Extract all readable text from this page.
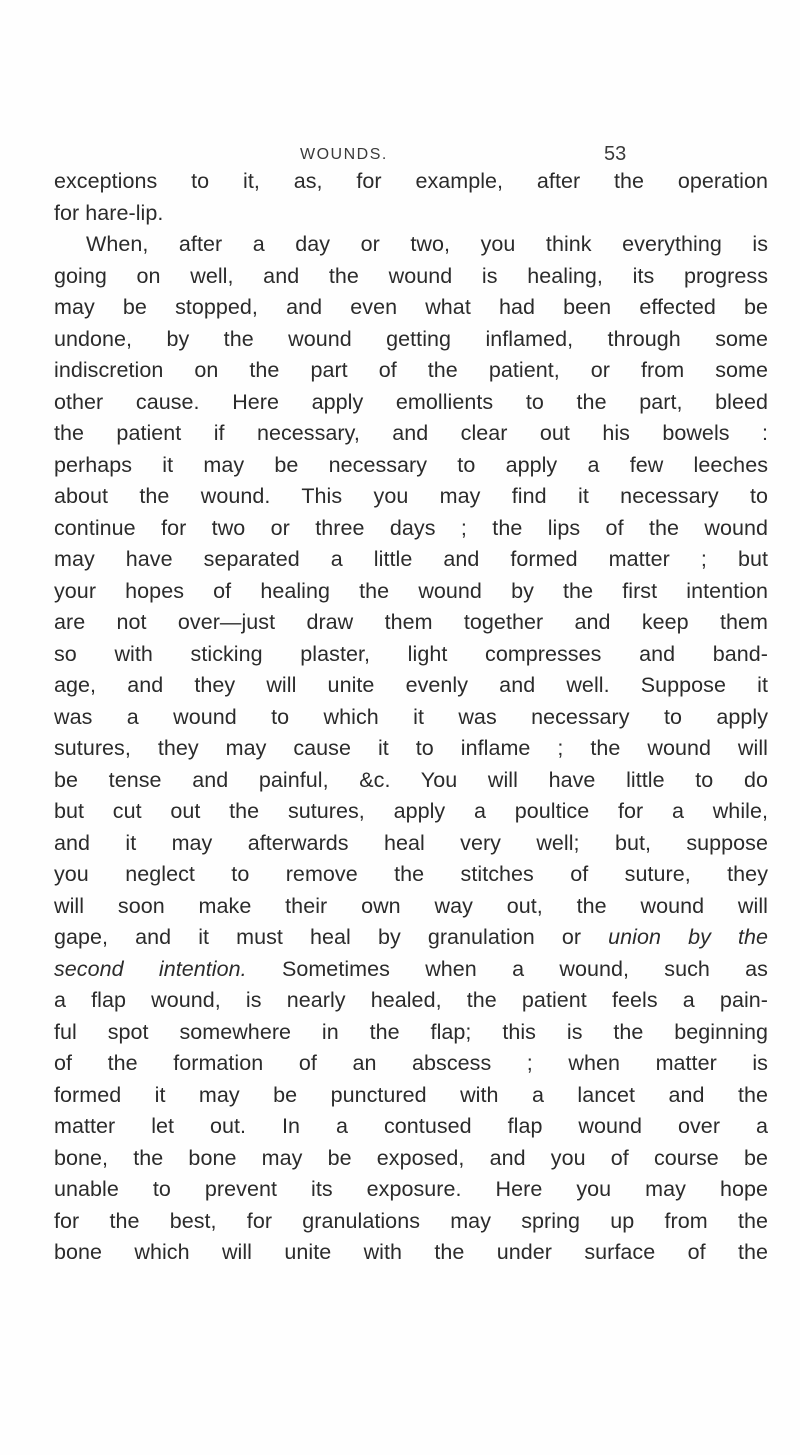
WOUNDS.	53
exceptions to it, as, for example, after the operation
for hare-lip.
When, after a day or two, you think everything is
going on well, and the wound is healing, its progress
may be stopped, and even what had been effected be
undone, by the wound getting inflamed, through some
indiscretion on the part of the patient, or from some
other cause. Here apply emollients to the part, bleed
the patient if necessary, and clear out his bowels :
perhaps it may be necessary to apply a few leeches
about the wound. This you may find it necessary to
continue for two or three days ; the lips of the wound
may have separated a little and formed matter ; but
your hopes of healing the wound by the first intention
are not over—just draw them together and keep them
so with sticking plaster, light compresses and band-
age, and they will unite evenly and well. Suppose it
was a wound to which it was necessary to apply
sutures, they may cause it to inflame ; the wound will
be tense and painful, &c. You will have little to do
but cut out the sutures, apply a poultice for a while,
and it may afterwards heal very well; but, suppose
you neglect to remove the stitches of suture, they
will soon make their own way out, the wound will
gape, and it must heal by granulation or union by the
second intention. Sometimes when a wound, such as
a flap wound, is nearly healed, the patient feels a pain-
ful spot somewhere in the flap; this is the beginning
of the formation of an abscess ; when matter is
formed it may be punctured with a lancet and the
matter let out. In a contused flap wound over a
bone, the bone may be exposed, and you of course be
unable to prevent its exposure. Here you may hope
for the best, for granulations may spring up from the
bone which will unite with the under surface of the
